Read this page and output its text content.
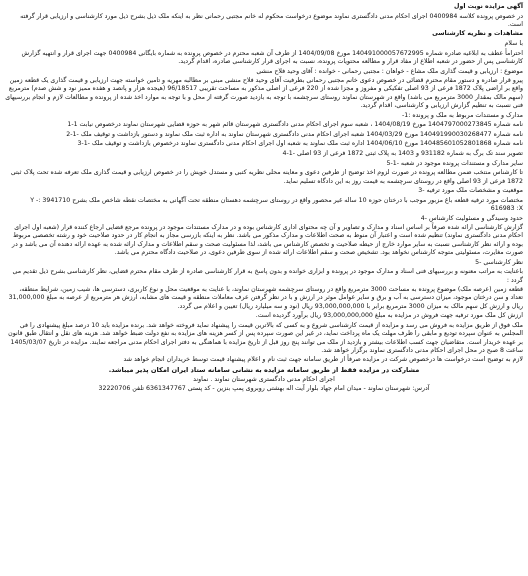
آگهی مزایده نوبت اول

در خصوص پرونده کلاسه 0400984 اجرای احکام مدنی دادگستری نماوند موضوع درخواست محکوم له خانم مجتبی رحمانی نظر به اینکه ملک ذیل بشرح ذیل مورد کارشناسی و ارزیابی قرار گرفته است.

مشاهدات و نظریه کارشناسی

با سلام

احتراماً عطف به ابلاغیه صادره شماره 140491000057672995 مورخ 1404/09/08 از طرف آن شعبه محترم در خصوص پرونده به شماره بایگانی 0400984 جهت اجرای قرار و انتهیه گزارش کارشناسی پس از حضور در شعبه اطلاع از مفاد قرار و مطالعه محتویات پرونده، نسبت به اجرای قرار کارشناسی صادره، اقدام گردید.

موضوع : ارزیابی و قیمت گذاری ملک مشاع - خواهان : مجتبی رحمانی - خوانده : آقای وحید فلاح منشی

پیرو قرار صادره و دستور مقام محترم قضائی در خصوص دعوی خانم مجتبی رحمانی بطرفیت آقای وحید فلاح منشی مبنی بر مطالبه مهریه و تامین خواسته جهت ارزیابی و قیمت گذاری یک قطعه زمین واقع بر اراضی پلاک 1872 فرعی از 93 اصلی تفکیکی و مفروز و مجزا شده از 220 فرعی از اصلی مذکور به مساحت تقریبی 96/18517 (هیجده هزار و پانصد و هفده ممیز نود و شش صدم) مترمربع (سهم مالک بمقدار 3000 مترمربع می باشد) واقع در شهرستان نماوند روستای سرچشمه با توجه به بازدید صورت گرفته از محل و با توجه به موارد اخذ شده از پرونده و مطالعات لازم و انجام بررسیهای فنی نسبت به تنظیم گزارش ارزیابی و کارشناسی، اقدام گردید.

مدارک و مستندات مربوط به ملک و پرونده :1-

نامه شماره 1404797000273845 مورخ 1404/08/19 ، شعبه سوم اجرای احکام مدنی دادگستری شهرستان قائم شهر به حوزه قضایی شهرستان نماوند درخصوص نیابت 1-1

نامه شماره 140491990030268477 مورخ 1404/03/29 شعبه اجرای احکام مدنی دادگستری شهرستان نماوند به اداره ثبت ملک نماوند و دستور بازداشت و توقیف ملک -1-2

نامه شماره 140485601052801868 مورخ 1404/06/10 اداره ثبت ملک نماوند به شعبه اول اجرای احکام مدنی دادگستری نماوند درخصوص بازداشت و توقیف ملک -1-3

تصویر سند تک برگ به شماره 931182 و 1403 به پلاک ثبتی 1872 فرعی از 93 اصلی -1-4

سایر مدارک و مستندات پرونده موجود در شعبه -1-5

تا کارشناس منتخب ضمن مطالعه پرونده در صورت لزوم اخذ توضیح از طرفین دعوی و معاینه محلی نظریه کتبی و مستدل خویش را در خصوص ارزیابی و قیمت گذاری ملک تعرفه شده تحت پلاک ثبتی 1872 فرعی از 93 اصلی واقع در روستای سرچشمه به قیمت روز به این دادگاه تسلیم نماید.

موقعیت و مشخصات ملک مورد ترفیه -3

مختصات مورد ترفیه قطعه باغ مزبور موجب با درختان حوزه 10 ساله غیر محصور واقع در روستای سرچشمه دهستان منطقه تحت آگهانی به مختصات نقطه شاخص ملک بشرح 3941710 :Y - 616983 :X

حدود وسیدگی و مسئولیت کارشناس -4

گزارش کارشناسی ارائه شده صرفاً بر اساس اسناد و مدارک و تصاویر و آن چه محتوای اداری کارشناس بوده و در مدارک مستندات موجود در پرونده مرجع قضایی ارجاع کننده قرار (شعبه اول اجرای احکام مدنی دادگستری نماوند) تنظیم شده است و اعتبار آن منوط به صحت اطلاعات و مدارک مذکور می باشد. نظر به اینکه بازرسی مجاز به انجام کار در حدود صلاحیت خود و رشته تخصصی مربوط بوده و ارائه نظر کارشناسی نسبت به سایر موارد خارج از حیطه صلاحیت و تخصص کارشناس می باشد، لذا مسئولیت صحت و سقم اطلاعات و مدارک ارائه شده به عهده ارائه دهنده آن می باشد و در صورت مغایرت، مسئولیتی متوجه کارشناس نخواهد بود. تشخیص صحت و سقم اطلاعات ارائه شده از سوی طرفین دعوی، در صلاحیت دادگاه محترم می باشد.

نظر کارشناسی -5

باعنایت به مراتب معنونه و بررسیهای فنی اسناد و مدارک موجود در پرونده و ابزاری خوانده و بدون پاسخ به قرار کارشناسی صادره از طرف مقام محترم قضایی، نظر کارشناسی بشرح ذیل تقدیم می گردد :

قطعه زمین (عرصه ملک) موضوع پرونده به مساحت 3000 مترمربع واقع در روستای سرچشمه شهرستان نماوند، با عنایت به موقعیت محل و نوع کاربری، دسترسی ها، شیب زمین، شرایط منطقه، تعداد و سن درختان موجود، میزان دسترسی به آب و برق و سایر عوامل موثر در ارزش و با در نظر گرفتن عرف معاملات منطقه و قیمت های مشابه، ارزش هر مترمربع از عرصه به مبلغ 31,000,000 ریال و ارزش کل سهم مالک به میزان 3000 مترمربع برابر با 93,000,000,000 ریال (نود و سه میلیارد ریال) تعیین و اعلام می گردد.

ارزش کل ملک مورد ترفیه جهت فروش در مزایده به مبلغ 93,000,000,000 ریال برآورد گردیده است.

ملک فوق از طریق مزایده به فروش می رسد و مزایده از قیمت کارشناسی شروع و به کسی که بالاترین قیمت را پیشنهاد نماید فروخته خواهد شد. برنده مزایده باید 10 درصد مبلغ پیشنهادی را فی المجلس به عنوان سپرده تودیع و مابقی را ظرف مهلت یک ماه پرداخت نماید، در غیر این صورت سپرده پس از کسر هزینه های مزایده به نفع دولت ضبط خواهد شد. هزینه های نقل و انتقال طبق قانون بر عهده خریدار است. متقاضیان جهت کسب اطلاعات بیشتر و بازدید از ملک می توانند پنج روز قبل از تاریخ مزایده با هماهنگی به دفتر اجرای احکام مدنی مراجعه نمایند. مزایده در تاریخ 1405/03/07 ساعت 8 صبح در محل اجرای احکام مدنی دادگستری نماوند برگزار خواهد شد.

لازم به توضیح است درخواست ها درخصوص شرکت در مزایده صرفاً از طریق سامانه جهت ثبت نام و اعلام پیشنهاد قیمت توسط خریداران انجام خواهد شد

مشارکت در مزایده فقط از طریق سامانه مزایده به نشانی سامانه ستاد ایران امکان پذیر میباشد.

اجرای احکام مدنی دادگستری شهرستان نماوند . نماوند

آدرس: شهرستان نماوند - میدان امام جهاد بلوار آیت اله بهشتی روبروی پمپ بنزین - کد پستی 6361347767 تلفن 32220706
